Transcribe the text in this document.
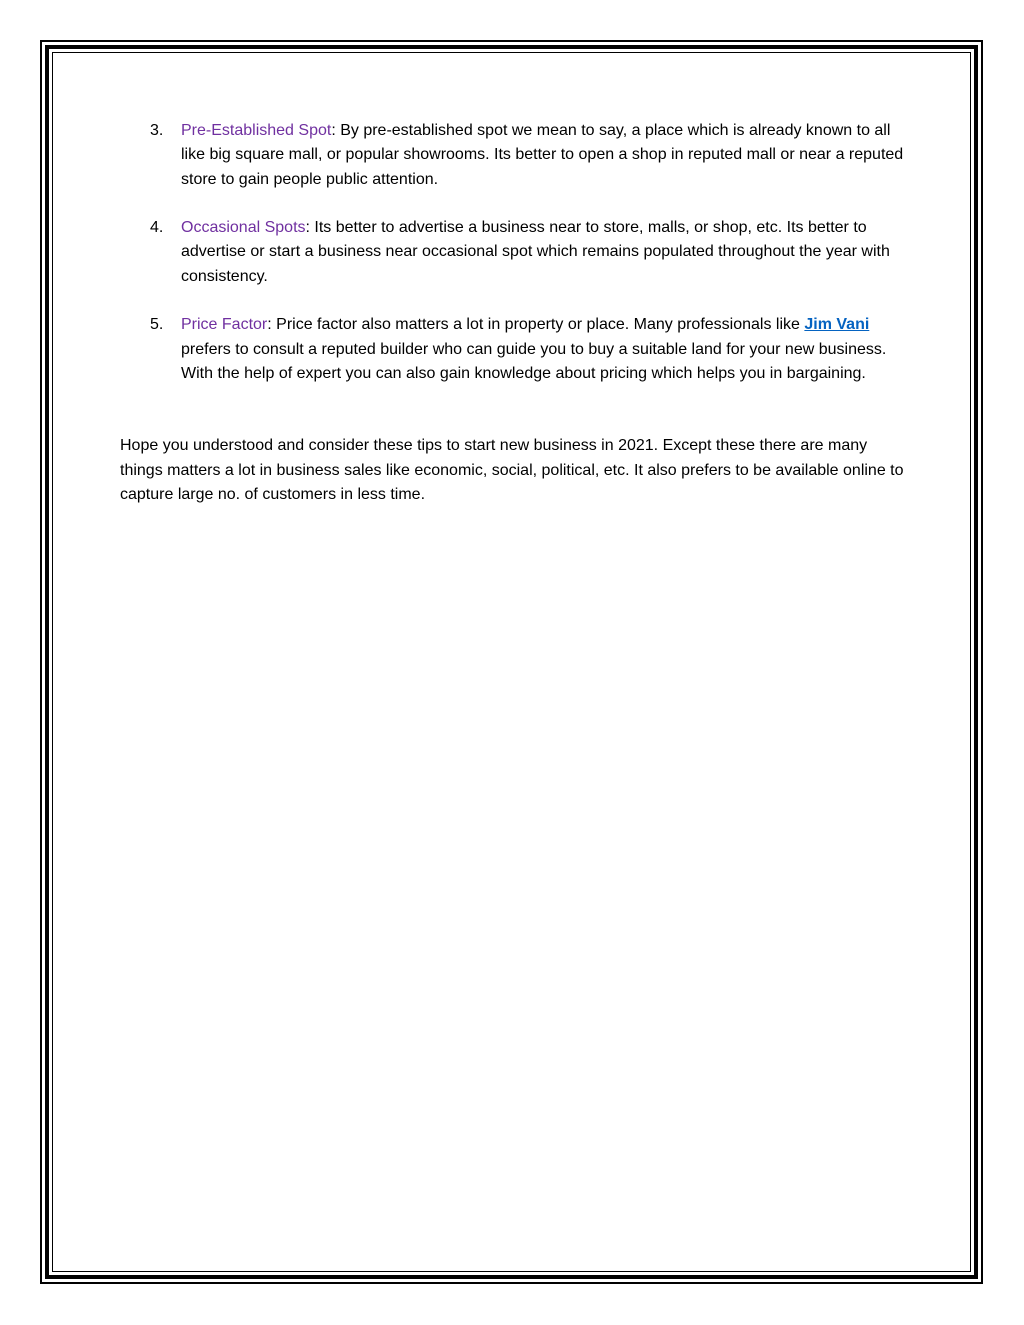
3. Pre-Established Spot: By pre-established spot we mean to say, a place which is already known to all like big square mall, or popular showrooms. Its better to open a shop in reputed mall or near a reputed store to gain people public attention.
4. Occasional Spots: Its better to advertise a business near to store, malls, or shop, etc. Its better to advertise or start a business near occasional spot which remains populated throughout the year with consistency.
5. Price Factor: Price factor also matters a lot in property or place. Many professionals like Jim Vani prefers to consult a reputed builder who can guide you to buy a suitable land for your new business. With the help of expert you can also gain knowledge about pricing which helps you in bargaining.

Hope you understood and consider these tips to start new business in 2021. Except these there are many things matters a lot in business sales like economic, social, political, etc. It also prefers to be available online to capture large no. of customers in less time.
